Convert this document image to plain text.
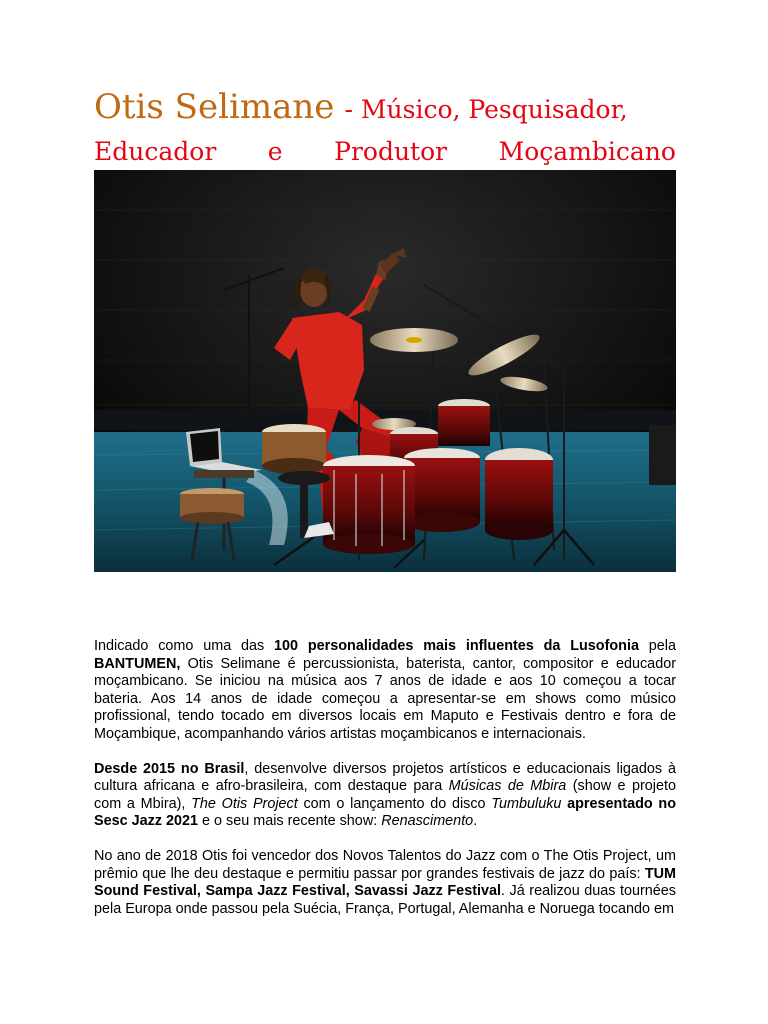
Otis Selimane - Músico, Pesquisador,
Educador e Produtor Moçambicano

Indicado como uma das 100 personalidades mais influentes da Lusofonia pela BANTUMEN, Otis Selimane é percussionista, baterista, cantor, compositor e educador moçambicano. Se iniciou na música aos 7 anos de idade e aos 10 começou a tocar bateria. Aos 14 anos de idade começou a apresentar-se em shows como músico profissional, tendo tocado em diversos locais em Maputo e Festivais dentro e fora de Moçambique, acompanhando vários artistas moçambicanos e internacionais.

Desde 2015 no Brasil, desenvolve diversos projetos artísticos e educacionais ligados à cultura africana e afro-brasileira, com destaque para Músicas de Mbira (show e projeto com a Mbira), The Otis Project com o lançamento do disco Tumbuluku apresentado no Sesc Jazz 2021 e o seu mais recente show: Renascimento.

No ano de 2018 Otis foi vencedor dos Novos Talentos do Jazz com o The Otis Project, um prêmio que lhe deu destaque e permitiu passar por grandes festivais de jazz do país: TUM Sound Festival, Sampa Jazz Festival, Savassi Jazz Festival. Já realizou duas tournées pela Europa onde passou pela Suécia, França, Portugal, Alemanha e Noruega tocando em
